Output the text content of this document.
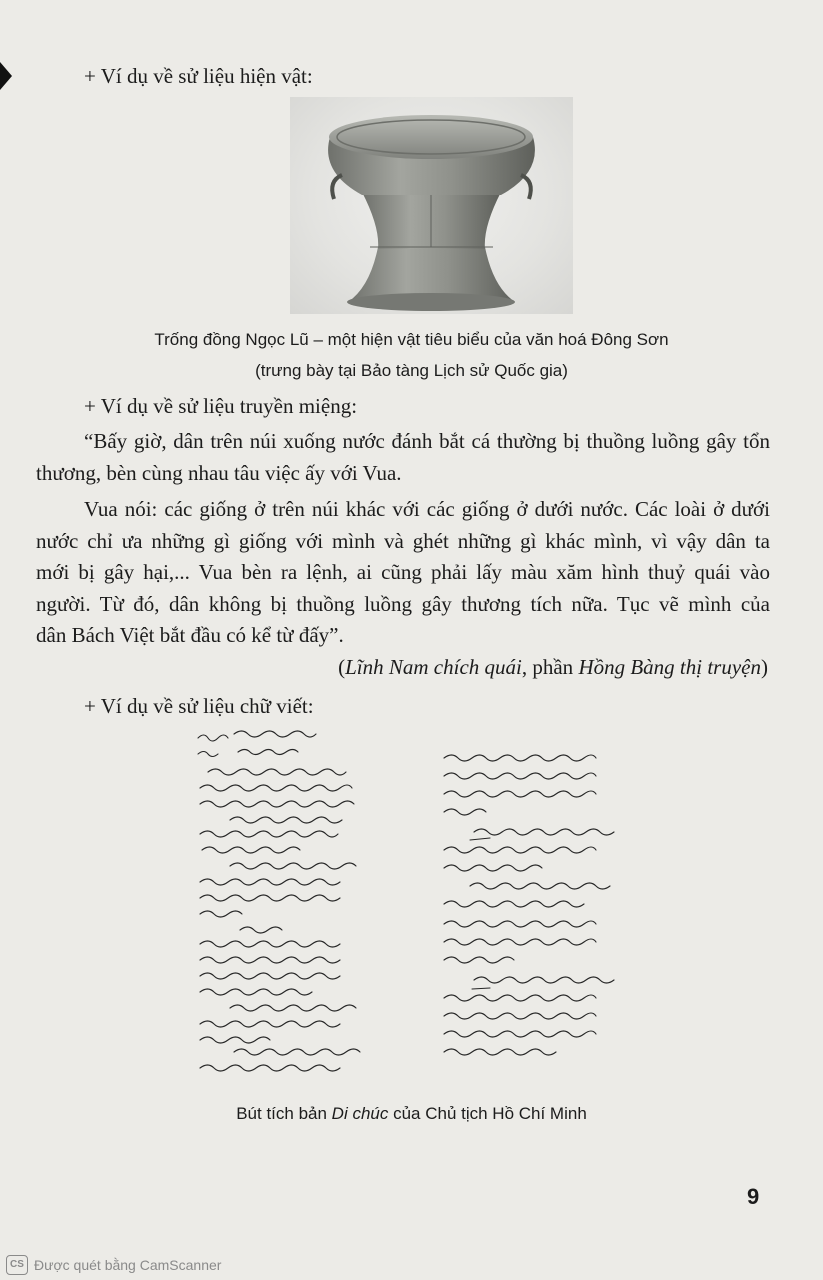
+ Ví dụ về sử liệu hiện vật:

Trống đồng Ngọc Lũ – một hiện vật tiêu biểu của văn hoá Đông Sơn

(trưng bày tại Bảo tàng Lịch sử Quốc gia)

+ Ví dụ về sử liệu truyền miệng:

“Bấy giờ, dân trên núi xuống nước đánh bắt cá thường bị thuồng luồng gây tổn
thương, bèn cùng nhau tâu việc ấy với Vua.
Vua nói: các giống ở trên núi khác với các giống ở dưới nước. Các loài ở dưới
nước chỉ ưa những gì giống với mình và ghét những gì khác mình, vì vậy dân ta
mới bị gây hại,... Vua bèn ra lệnh, ai cũng phải lấy màu xăm hình thuỷ quái vào
người. Từ đó, dân không bị thuồng luồng gây thương tích nữa. Tục vẽ mình của
dân Bách Việt bắt đầu có kể từ đấy”.

(Lĩnh Nam chích quái, phần Hồng Bàng thị truyện)

+ Ví dụ về sử liệu chữ viết:

Bút tích bản Di chúc của Chủ tịch Hồ Chí Minh

9

CS Được quét bằng CamScanner
